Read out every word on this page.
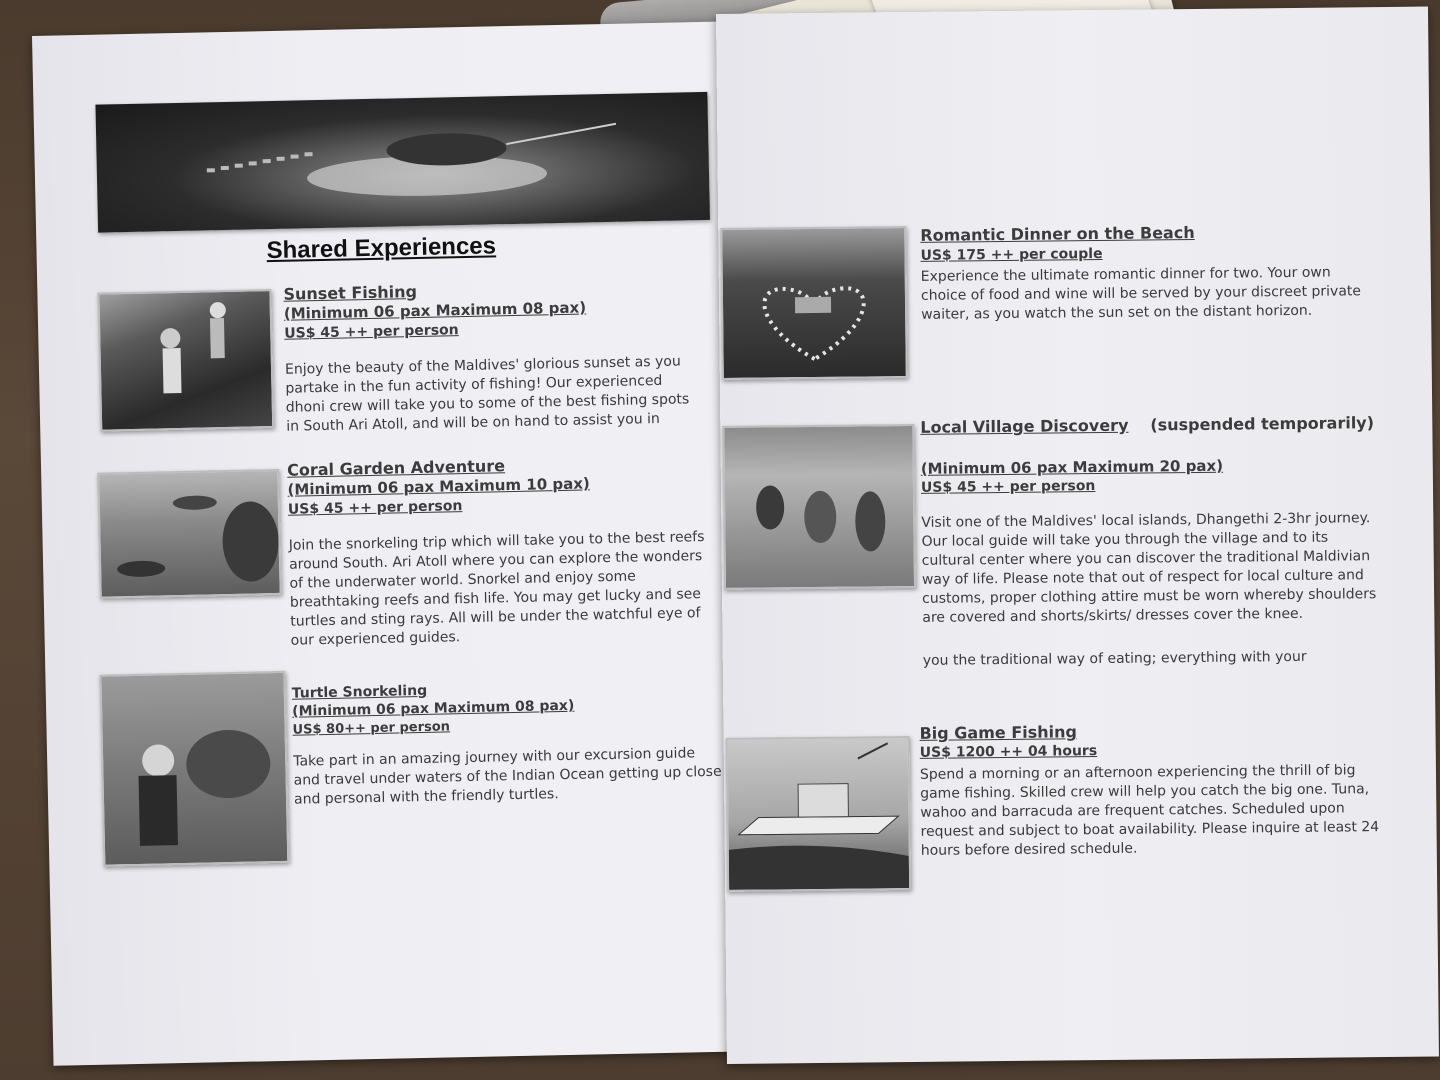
Shared Experiences
Sunset Fishing
(Minimum 06 pax Maximum 08 pax)
US$ 45 ++ per person
Enjoy the beauty of the Maldives' glorious sunset as you partake in the fun activity of fishing! Our experienced dhoni crew will take you to some of the best fishing spots in South Ari Atoll, and will be on hand to assist you in
Coral Garden Adventure
(Minimum 06 pax Maximum 10 pax)
US$ 45 ++ per person
Join the snorkeling trip which will take you to the best reefs around South. Ari Atoll where you can explore the wonders of the underwater world. Snorkel and enjoy some breathtaking reefs and fish life. You may get lucky and see turtles and sting rays. All will be under the watchful eye of our experienced guides.
Turtle Snorkeling
(Minimum 06 pax Maximum 08 pax)
US$ 80++ per person
Take part in an amazing journey with our excursion guide and travel under waters of the Indian Ocean getting up close and personal with the friendly turtles.
Romantic Dinner on the Beach
US$ 175 ++ per couple
Experience the ultimate romantic dinner for two. Your own choice of food and wine will be served by your discreet private waiter, as you watch the sun set on the distant horizon.
Local Village Discovery (suspended temporarily)
(Minimum 06 pax Maximum 20 pax)
US$ 45 ++ per person
Visit one of the Maldives' local islands, Dhangethi 2-3hr journey. Our local guide will take you through the village and to its cultural center where you can discover the traditional Maldivian way of life. Please note that out of respect for local culture and customs, proper clothing attire must be worn whereby shoulders are covered and shorts/skirts/ dresses cover the knee.
you the traditional way of eating; everything with your
Big Game Fishing
US$ 1200 ++ 04 hours
Spend a morning or an afternoon experiencing the thrill of big game fishing. Skilled crew will help you catch the big one. Tuna, wahoo and barracuda are frequent catches. Scheduled upon request and subject to boat availability. Please inquire at least 24 hours before desired schedule.
